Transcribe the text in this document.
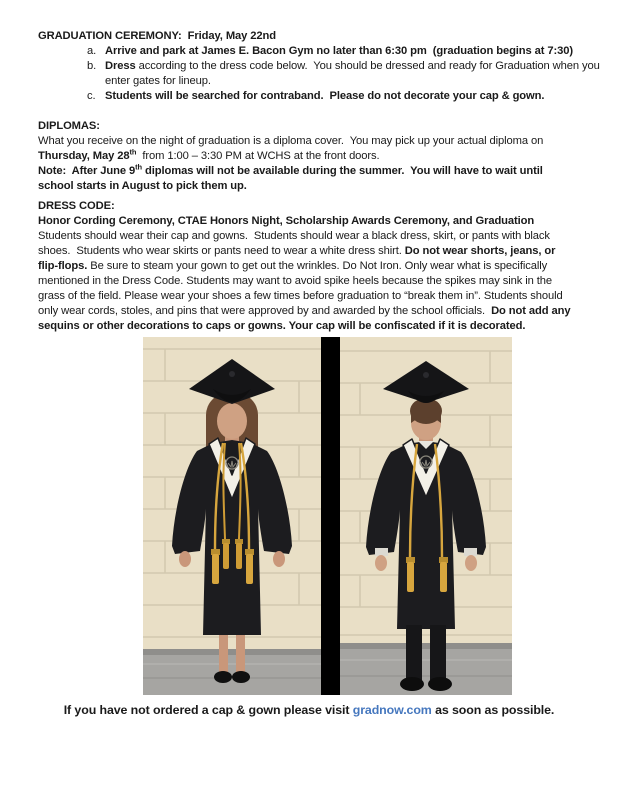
GRADUATION CEREMONY:  Friday, May 22nd
a. Arrive and park at James E. Bacon Gym no later than 6:30 pm  (graduation begins at 7:30)
b. Dress according to the dress code below.  You should be dressed and ready for Graduation when you
enter gates for lineup.
c. Students will be searched for contraband.  Please do not decorate your cap & gown.
DIPLOMAS:
What you receive on the night of graduation is a diploma cover.  You may pick up your actual diploma on
Thursday, May 28th  from 1:00 – 3:30 PM at WCHS at the front doors.
Note:  After June 9th diplomas will not be available during the summer.  You will have to wait until
school starts in August to pick them up.
DRESS CODE:
Honor Cording Ceremony, CTAE Honors Night, Scholarship Awards Ceremony, and Graduation
Students should wear their cap and gowns.  Students should wear a black dress, skirt, or pants with black
shoes.  Students who wear skirts or pants need to wear a white dress shirt. Do not wear shorts, jeans, or
flip-flops. Be sure to steam your gown to get out the wrinkles. Do Not Iron. Only wear what is specifically
mentioned in the Dress Code. Students may want to avoid spike heels because the spikes may sink in the
grass of the field. Please wear your shoes a few times before graduation to “break them in”. Students should
only wear cords, stoles, and pins that were approved by and awarded by the school officials.  Do not add any
sequins or other decorations to caps or gowns. Your cap will be confiscated if it is decorated.
If you have not ordered a cap & gown please visit gradnow.com as soon as possible.
